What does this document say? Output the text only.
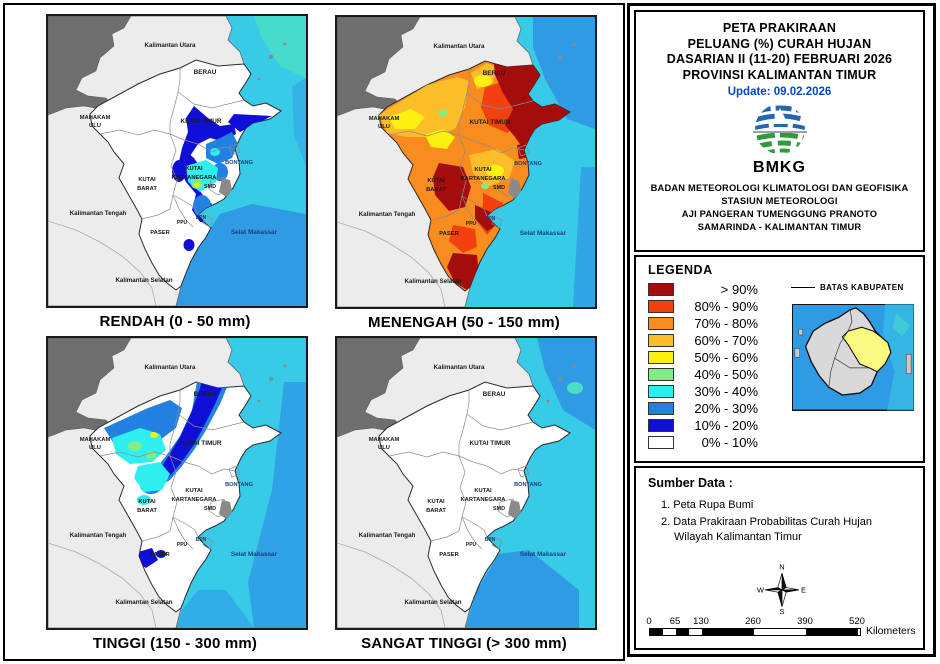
Kalimantan Utara
BERAU
MAHAKAM
ULU
KUTAI TIMUR
BONTANG
KUTAI
KARTANEGARA
SMD
KUTAI
BARAT
Kalimantan Tengah
PPU
BPN
PASER	Selat Makassar
Kalimantan Selatan
RENDAH (0 - 50 mm)
Kalimantan Utara
BERAU
MAHAKAM
ULU
KUTAI TIMUR
BONTANG
KUTAI
KARTANEGARA
SMD
KUTAI
BARAT
Kalimantan Tengah
PPU
BPN
PASER	Selat Makassar
Kalimantan Selatan
MENENGAH (50 - 150 mm)
Kalimantan Utara
BERAU
MAHAKAM
ULU
KUTAI TIMUR
BONTANG
KUTAI
KARTANEGARA
SMD
KUTAI
BARAT
Kalimantan Tengah
PPU
BPN
PASER	Selat Makassar
Kalimantan Selatan
TINGGI (150 - 300 mm)
Kalimantan Utara
BERAU
MAHAKAM
ULU
KUTAI TIMUR
BONTANG
KUTAI
KARTANEGARA
SMD
KUTAI
BARAT
Kalimantan Tengah
PPU
BPN
PASER	Selat Makassar
Kalimantan Selatan
SANGAT TINGGI (> 300 mm)
PETA PRAKIRAAN
PELUANG (%) CURAH HUJAN
DASARIAN II (11-20) FEBRUARI 2026
PROVINSI KALIMANTAN TIMUR
Update: 09.02.2026
BMKG
BADAN METEOROLOGI KLIMATOLOGI DAN GEOFISIKA
STASIUN METEOROLOGI
AJI PANGERAN TUMENGGUNG PRANOTO
SAMARINDA - KALIMANTAN TIMUR
LEGENDA
> 90%
80% - 90%
70% - 80%
60% - 70%
50% - 60%
40% - 50%
30% - 40%
20% - 30%
10% - 20%
0% - 10%
BATAS KABUPATEN
Sumber Data :
1. Peta Rupa Bumi
2. Data Prakiraan Probabilitas Curah Hujan Wilayah Kalimantan Timur
N
E
S
W
0	65	130	260	390	520
Kilometers
